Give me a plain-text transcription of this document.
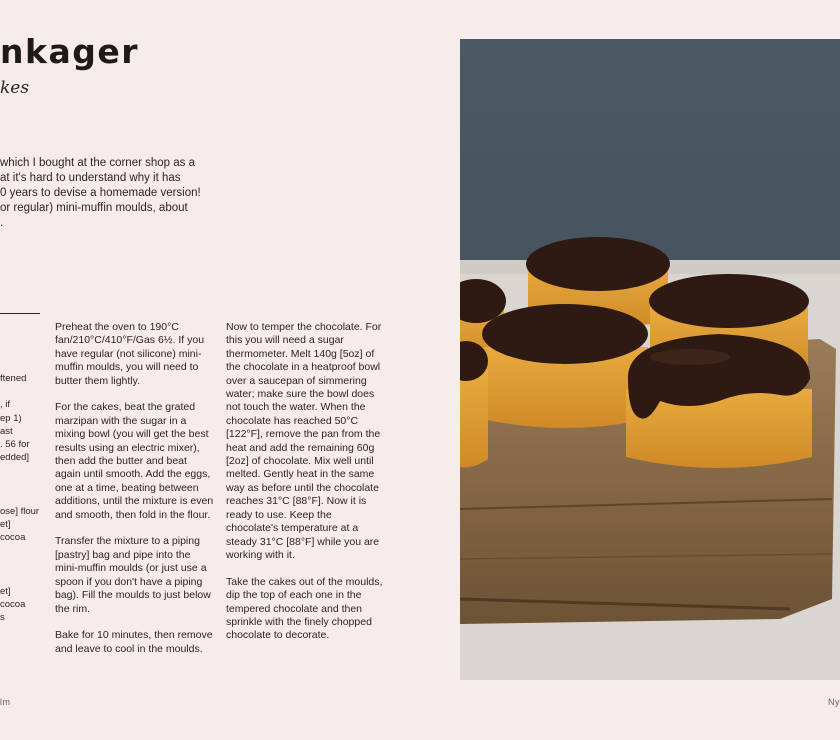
nkager
kes
which I bought at the corner shop as a
at it's hard to understand why it has
0 years to devise a homemade version!
or regular) mini-muffin moulds, about
.
ftened
, if
ep 1)
ast
. 56 for
edded]
ose] flour
et]
cocoa
et]
cocoa
s

Preheat the oven to 190°C fan/210°C/410°F/Gas 6½. If you have regular (not silicone) mini-muffin moulds, you will need to butter them lightly.

For the cakes, beat the grated marzipan with the sugar in a mixing bowl (you will get the best results using an electric mixer), then add the butter and beat again until smooth. Add the eggs, one at a time, beating between additions, until the mixture is even and smooth, then fold in the flour.

Transfer the mixture to a piping [pastry] bag and pipe into the mini-muffin moulds (or just use a spoon if you don't have a piping bag). Fill the moulds to just below the rim.

Bake for 10 minutes, then remove and leave to cool in the moulds.

Now to temper the chocolate. For this you will need a sugar thermometer. Melt 140g [5oz] of the chocolate in a heatproof bowl over a saucepan of simmering water; make sure the bowl does not touch the water. When the chocolate has reached 50°C [122°F], remove the pan from the heat and add the remaining 60g [2oz] of chocolate. Mix well until melted. Gently heat in the same way as before until the chocolate reaches 31°C [88°F]. Now it is ready to use. Keep the chocolate's temperature at a steady 31°C [88°F] while you are working with it.

Take the cakes out of the moulds, dip the top of each one in the tempered chocolate and then sprinkle with the finely chopped chocolate to decorate.

lm	Ny
